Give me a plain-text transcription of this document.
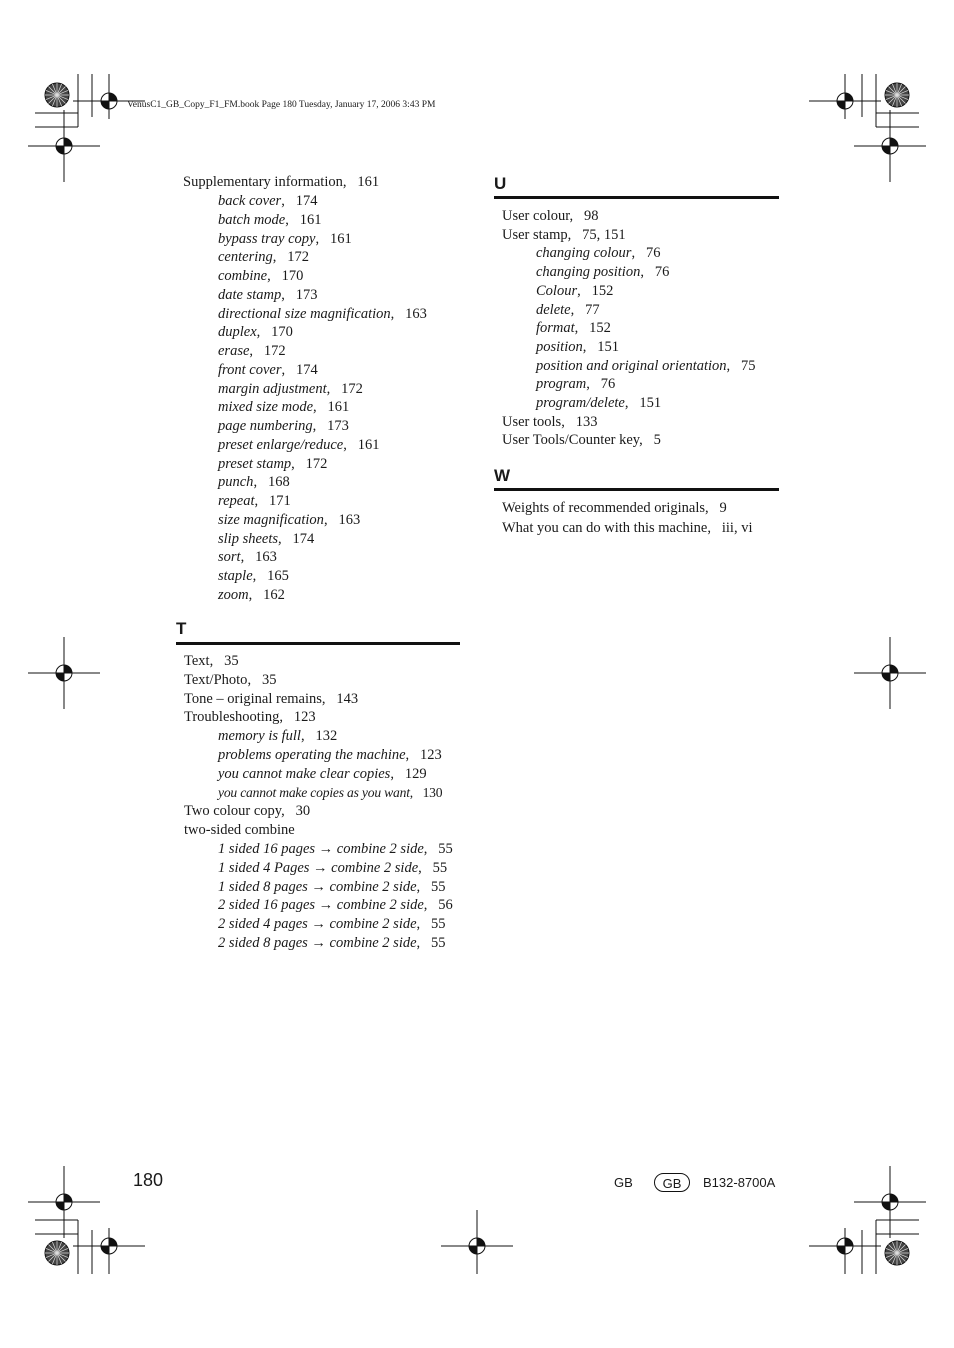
VenusC1_GB_Copy_F1_FM.book Page 180 Tuesday, January 17, 2006 3:43 PM
Supplementary information,   161
back cover,   174
batch mode,   161
bypass tray copy,   161
centering,   172
combine,   170
date stamp,   173
directional size magnification,   163
duplex,   170
erase,   172
front cover,   174
margin adjustment,   172
mixed size mode,   161
page numbering,   173
preset enlarge/reduce,   161
preset stamp,   172
punch,   168
repeat,   171
size magnification,   163
slip sheets,   174
sort,   163
staple,   165
zoom,   162
T
Text,   35
Text/Photo,   35
Tone – original remains,   143
Troubleshooting,   123
memory is full,   132
problems operating the machine,   123
you cannot make clear copies,   129
you cannot make copies as you want,   130
Two colour copy,   30
two-sided combine
1 sided 16 pages → combine 2 side,   55
1 sided 4 Pages → combine 2 side,   55
1 sided 8 pages → combine 2 side,   55
2 sided 16 pages → combine 2 side,   56
2 sided 4 pages → combine 2 side,   55
2 sided 8 pages → combine 2 side,   55
U
User colour,   98
User stamp,   75, 151
changing colour,   76
changing position,   76
Colour,   152
delete,   77
format,   152
position,   151
position and original orientation,   75
program,   76
program/delete,   151
User tools,   133
User Tools/Counter key,   5
W
Weights of recommended originals,   9
What you can do with this machine,   iii, vi
180	GB	GB	B132-8700A
